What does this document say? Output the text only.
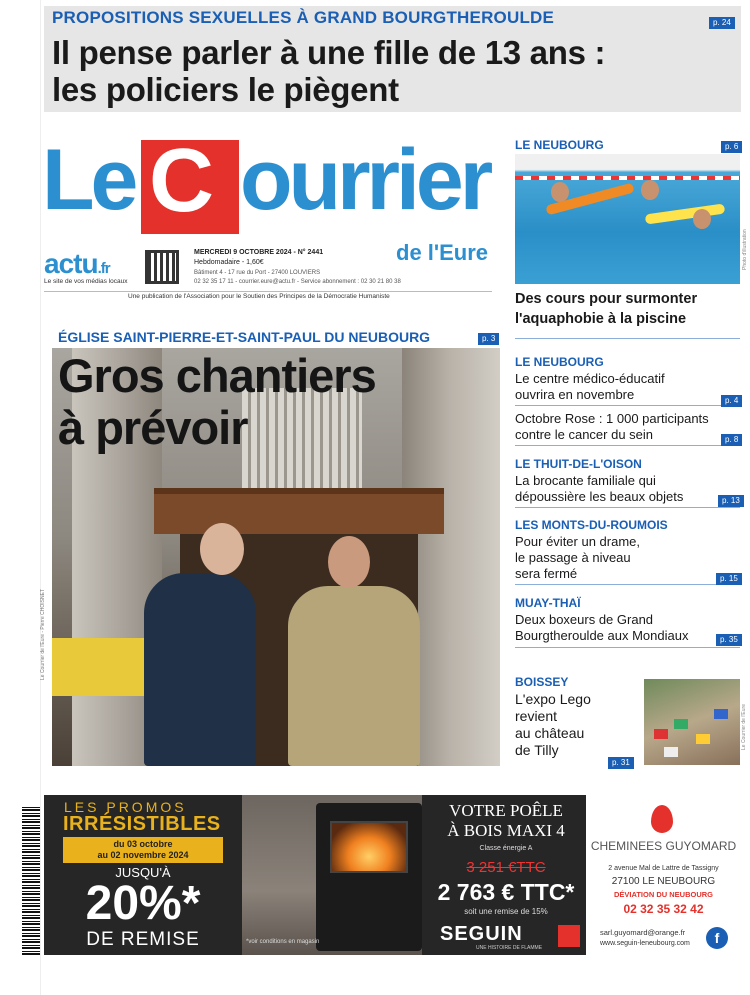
PROPOSITIONS SEXUELLES À GRAND BOURGTHEROULDE	p. 24
Il pense parler à une fille de 13 ans :
les policiers le piègent
Le C ourrier
de l'Eure
actu.fr
Le site de vos médias locaux
MERCREDI 9 OCTOBRE 2024 - N° 2441
Hebdomadaire - 1,60€
Bâtiment 4 - 17 rue du Port - 27400 LOUVIERS
02 32 35 17 11 - courrier.eure@actu.fr - Service abonnement : 02 30 21 80 38
Une publication de l'Association pour le Soutien des Principes de la Démocratie Humaniste
ÉGLISE SAINT-PIERRE-ET-SAINT-PAUL DU NEUBOURG	p. 3
Gros chantiers
à prévoir
Le Courrier de l'Eure - Pierre CHOISNET
LE NEUBOURG	p. 6
Photo d'illustration
Des cours pour surmonter
l'aquaphobie à la piscine
LE NEUBOURG
Le centre médico-éducatif
ouvrira en novembre	p. 4
Octobre Rose : 1 000 participants
contre le cancer du sein	p. 8
LE THUIT-DE-L'OISON
La brocante familiale qui
dépoussière les beaux objets	p. 13
LES MONTS-DU-ROUMOIS
Pour éviter un drame,
le passage à niveau
sera fermé	p. 15
MUAY-THAÏ
Deux boxeurs de Grand
Bourgtheroulde aux Mondiaux	p. 35
BOISSEY
L'expo Lego
revient
au château
de Tilly	Le Courrier de l'Eure
p. 31
LES PROMOS
IRRÉSISTIBLES
du 03 octobre
au 02 novembre 2024
JUSQU'À
20%*
DE REMISE	*voir conditions en magasin
VOTRE POÊLE
À BOIS MAXI 4
Classe énergie A
3 251 €TTC
2 763 € TTC*
soit une remise de 15%
SEGUIN
UNE HISTOIRE DE FLAMME
CHEMINEES GUYOMARD
2 avenue Mal de Lattre de Tassigny
27100 LE NEUBOURG
DÉVIATION DU NEUBOURG
02 32 35 32 42
sarl.guyomard@orange.fr
www.seguin-leneubourg.com	f
